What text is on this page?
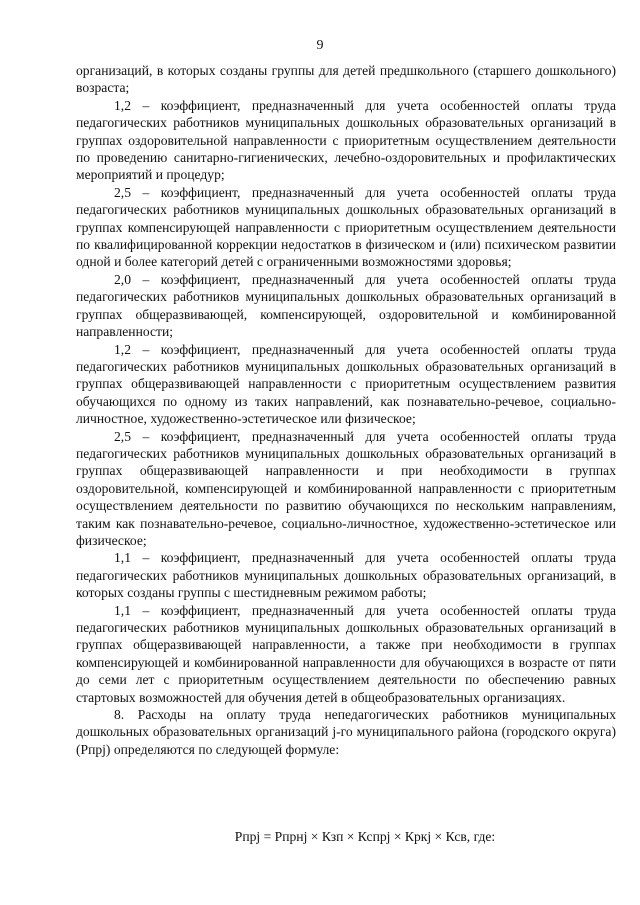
9

организаций, в которых созданы группы для детей предшкольного (старшего дошкольного) возраста;

1,2 – коэффициент, предназначенный для учета особенностей оплаты труда педагогических работников муниципальных дошкольных образовательных организаций в группах оздоровительной направленности с приоритетным осуществлением деятельности по проведению санитарно-гигиенических, лечебно-оздоровительных и профилактических мероприятий и процедур;

2,5 – коэффициент, предназначенный для учета особенностей оплаты труда педагогических работников муниципальных дошкольных образовательных организаций в группах компенсирующей направленности с приоритетным осуществлением деятельности по квалифицированной коррекции недостатков в физическом и (или) психическом развитии одной и более категорий детей с ограниченными возможностями здоровья;

2,0 – коэффициент, предназначенный для учета особенностей оплаты труда педагогических работников муниципальных дошкольных образовательных организаций в группах общеразвивающей, компенсирующей, оздоровительной и комбинированной направленности;

1,2 – коэффициент, предназначенный для учета особенностей оплаты труда педагогических работников муниципальных дошкольных образовательных организаций в группах общеразвивающей направленности с приоритетным осуществлением развития обучающихся по одному из таких направлений, как познавательно-речевое, социально-личностное, художественно-эстетическое или физическое;

2,5 – коэффициент, предназначенный для учета особенностей оплаты труда педагогических работников муниципальных дошкольных образовательных организаций в группах общеразвивающей направленности и при необходимости в группах оздоровительной, компенсирующей и комбинированной направленности с приоритетным осуществлением деятельности по развитию обучающихся по нескольким направлениям, таким как познавательно-речевое, социально-личностное, художественно-эстетическое или физическое;

1,1 – коэффициент, предназначенный для учета особенностей оплаты труда педагогических работников муниципальных дошкольных образовательных организаций, в которых созданы группы с шестидневным режимом работы;

1,1 – коэффициент, предназначенный для учета особенностей оплаты труда педагогических работников муниципальных дошкольных образовательных организаций в группах общеразвивающей направленности, а также при необходимости в группах компенсирующей и комбинированной направленности для обучающихся в возрасте от пяти до семи лет с приоритетным осуществлением деятельности по обеспечению равных стартовых возможностей для обучения детей в общеобразовательных организациях.

8. Расходы на оплату труда непедагогических работников муниципальных дошкольных образовательных организаций j-го муниципального района (городского округа) (Рпрj) определяются по следующей формуле:

Рпрj = Рпрнj × Кзп × Кспрj × Кркj × Ксв, где:
